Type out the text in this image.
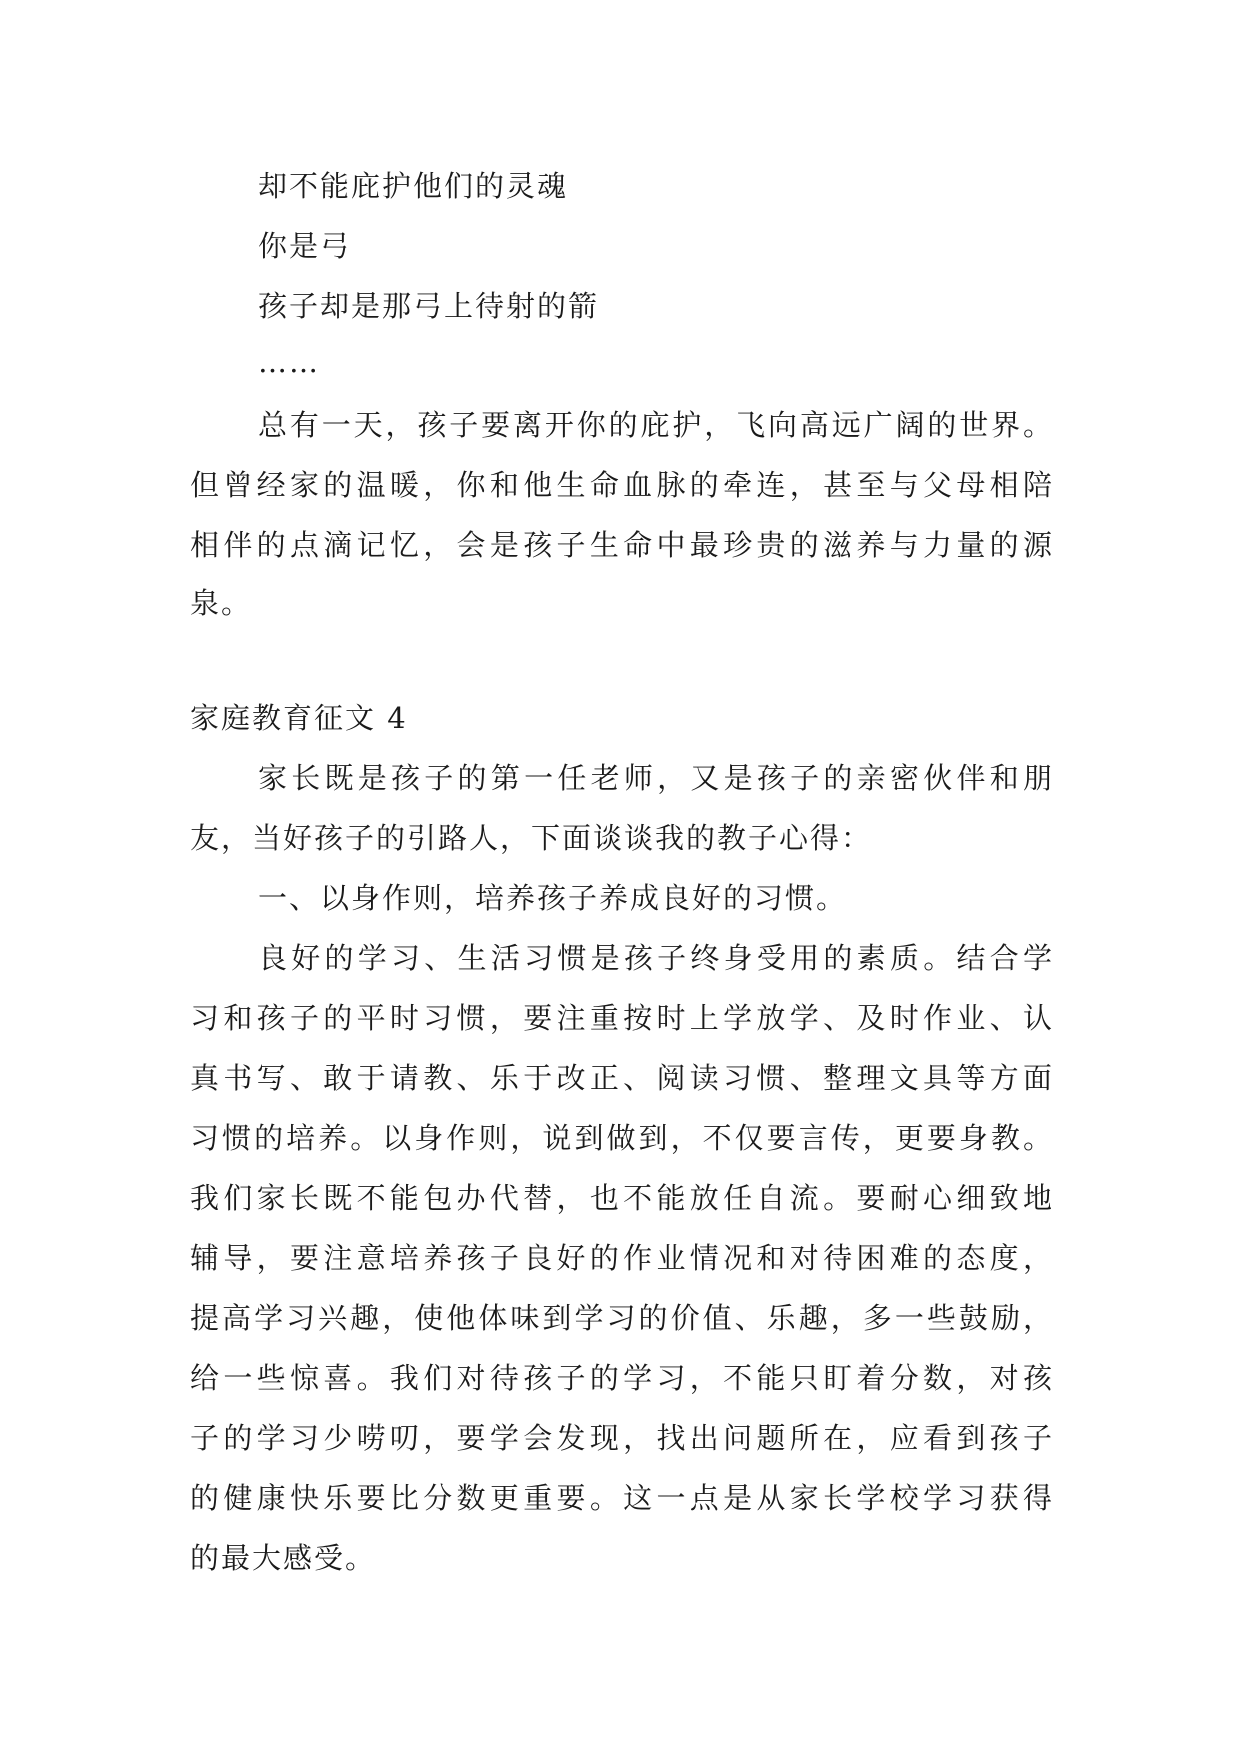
却不能庇护他们的灵魂
你是弓
孩子却是那弓上待射的箭
……
总有一天，孩子要离开你的庇护，飞向高远广阔的世界。
但曾经家的温暖，你和他生命血脉的牵连，甚至与父母相陪
相伴的点滴记忆，会是孩子生命中最珍贵的滋养与力量的源
泉。
家庭教育征文 4
家长既是孩子的第一任老师，又是孩子的亲密伙伴和朋
友，当好孩子的引路人，下面谈谈我的教子心得：
一、以身作则，培养孩子养成良好的习惯。
良好的学习、生活习惯是孩子终身受用的素质。结合学
习和孩子的平时习惯，要注重按时上学放学、及时作业、认
真书写、敢于请教、乐于改正、阅读习惯、整理文具等方面
习惯的培养。以身作则，说到做到，不仅要言传，更要身教。
我们家长既不能包办代替，也不能放任自流。要耐心细致地
辅导，要注意培养孩子良好的作业情况和对待困难的态度，
提高学习兴趣，使他体味到学习的价值、乐趣，多一些鼓励，
给一些惊喜。我们对待孩子的学习，不能只盯着分数，对孩
子的学习少唠叨，要学会发现，找出问题所在，应看到孩子
的健康快乐要比分数更重要。这一点是从家长学校学习获得
的最大感受。
